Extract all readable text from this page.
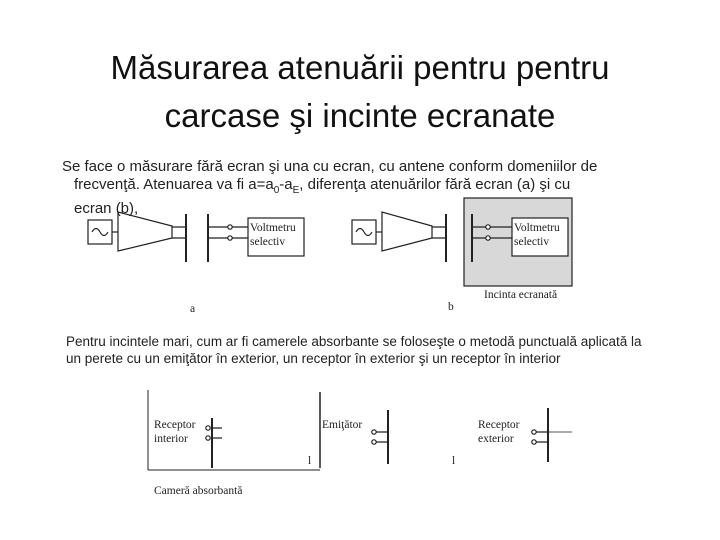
Măsurarea atenuării pentru pentru
carcase şi incinte ecranate
Se face o măsurare fără ecran şi una cu ecran, cu antene conform domeniilor de
frecvenţă. Atenuarea va fi $a=a_0-a_E$, diferenţa atenuărilor fără ecran (a) şi cu
ecran (b),
Pentru incintele mari, cum ar fi camerele absorbante se foloseşte o metodă punctuală aplicată la
un perete cu un emiţător în exterior, un receptor în exterior şi un receptor în interior
Voltmetru
selectiv
Voltmetru
selectiv
a	b
Incinta ecranată
Receptor
interior
Emiţător	Receptor
exterior
l	l
Cameră absorbantă
